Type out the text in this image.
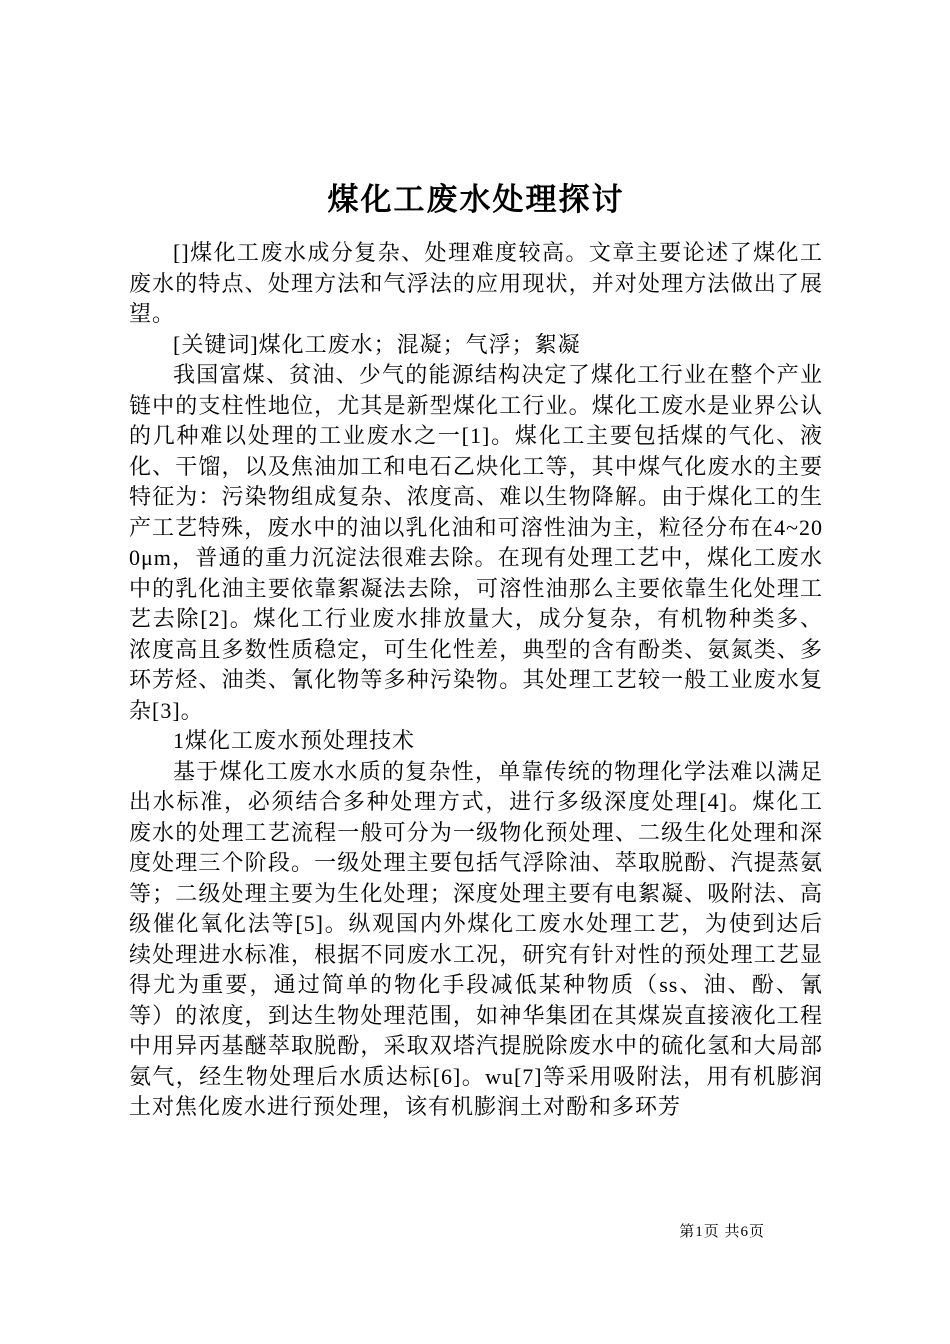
煤化工废水处理探讨

[]煤化工废水成分复杂、处理难度较高。文章主要论述了煤化工废水的特点、处理方法和气浮法的应用现状，并对处理方法做出了展望。

[关键词]煤化工废水；混凝；气浮；絮凝

我国富煤、贫油、少气的能源结构决定了煤化工行业在整个产业链中的支柱性地位，尤其是新型煤化工行业。煤化工废水是业界公认的几种难以处理的工业废水之一[1]。煤化工主要包括煤的气化、液化、干馏，以及焦油加工和电石乙炔化工等，其中煤气化废水的主要特征为：污染物组成复杂、浓度高、难以生物降解。由于煤化工的生产工艺特殊，废水中的油以乳化油和可溶性油为主，粒径分布在4~200μm，普通的重力沉淀法很难去除。在现有处理工艺中，煤化工废水中的乳化油主要依靠絮凝法去除，可溶性油那么主要依靠生化处理工艺去除[2]。煤化工行业废水排放量大，成分复杂，有机物种类多、浓度高且多数性质稳定，可生化性差，典型的含有酚类、氨氮类、多环芳烃、油类、氰化物等多种污染物。其处理工艺较一般工业废水复杂[3]。

1煤化工废水预处理技术

基于煤化工废水水质的复杂性，单靠传统的物理化学法难以满足出水标准，必须结合多种处理方式，进行多级深度处理[4]。煤化工废水的处理工艺流程一般可分为一级物化预处理、二级生化处理和深度处理三个阶段。一级处理主要包括气浮除油、萃取脱酚、汽提蒸氨等；二级处理主要为生化处理；深度处理主要有电絮凝、吸附法、高级催化氧化法等[5]。纵观国内外煤化工废水处理工艺，为使到达后续处理进水标准，根据不同废水工况，研究有针对性的预处理工艺显得尤为重要，通过简单的物化手段减低某种物质（ss、油、酚、氰等）的浓度，到达生物处理范围，如神华集团在其煤炭直接液化工程中用异丙基醚萃取脱酚，采取双塔汽提脱除废水中的硫化氢和大局部氨气，经生物处理后水质达标[6]。wu[7]等采用吸附法，用有机膨润土对焦化废水进行预处理，该有机膨润土对酚和多环芳

第1页 共6页
